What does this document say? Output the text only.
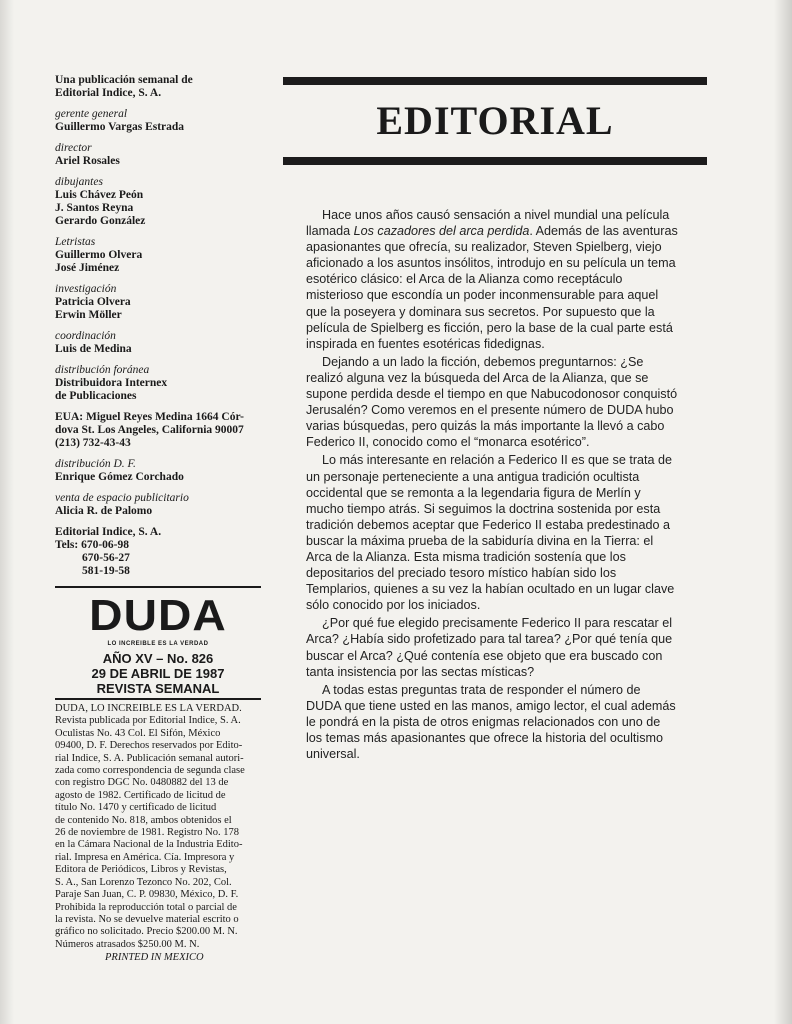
Una publicación semanal de
Editorial Indice, S. A.
gerente general
Guillermo Vargas Estrada
director
Ariel Rosales
dibujantes
Luis Chávez Peón
J. Santos Reyna
Gerardo González
Letristas
Guillermo Olvera
José Jiménez
investigación
Patricia Olvera
Erwin Möller
coordinación
Luis de Medina
distribución foránea
Distribuidora Internex
de Publicaciones
EUA: Miguel Reyes Medina 1664 Cór-
dova St. Los Angeles, California 90007
(213) 732-43-43
distribución D. F.
Enrique Gómez Corchado
venta de espacio publicitario
Alicia R. de Palomo
Editorial Indice, S. A.
Tels: 670-06-98
670-56-27
581-19-58
DUDA
LO INCREIBLE ES LA VERDAD
AÑO XV – No. 826
29 DE ABRIL DE 1987
REVISTA SEMANAL
DUDA, LO INCREIBLE ES LA VERDAD.
Revista publicada por Editorial Indice, S. A.
Oculistas No. 43 Col. El Sifón, México
09400, D. F. Derechos reservados por Edito-
rial Indice, S. A. Publicación semanal autori-
zada como correspondencia de segunda clase
con registro DGC No. 0480882 del 13 de
agosto de 1982. Certificado de licitud de
título No. 1470 y certificado de licitud
de contenido No. 818, ambos obtenidos el
26 de noviembre de 1981. Registro No. 178
en la Cámara Nacional de la Industria Edito-
rial. Impresa en América. Cía. Impresora y
Editora de Periódicos, Libros y Revistas,
S. A., San Lorenzo Tezonco No. 202, Col.
Paraje San Juan, C. P. 09830, México, D. F.
Prohibida la reproducción total o parcial de
la revista. No se devuelve material escrito o
gráfico no solicitado. Precio $200.00 M. N.
Números atrasados $250.00 M. N.
PRINTED IN MEXICO
EDITORIAL

Hace unos años causó sensación a nivel mundial una película llamada Los cazadores del arca perdida. Además de las aventuras apasionantes que ofrecía, su realizador, Steven Spielberg, viejo aficionado a los asuntos insólitos, introdujo en su película un tema esotérico clásico: el Arca de la Alianza como receptáculo misterioso que escondía un poder inconmensurable para aquel que la poseyera y dominara sus secretos. Por supuesto que la película de Spielberg es ficción, pero la base de la cual parte está inspirada en fuentes esotéricas fidedignas.

Dejando a un lado la ficción, debemos preguntarnos: ¿Se realizó alguna vez la búsqueda del Arca de la Alianza, que se supone perdida desde el tiempo en que Nabucodonosor conquistó Jerusalén? Como veremos en el presente número de DUDA hubo varias búsquedas, pero quizás la más importante la llevó a cabo Federico II, conocido como el “monarca esotérico”.

Lo más interesante en relación a Federico II es que se trata de un personaje perteneciente a una antigua tradición ocultista occidental que se remonta a la legendaria figura de Merlín y mucho tiempo atrás. Si seguimos la doctrina sostenida por esta tradición debemos aceptar que Federico II estaba predestinado a buscar la máxima prueba de la sabiduría divina en la Tierra: el Arca de la Alianza. Esta misma tradición sostenía que los depositarios del preciado tesoro místico habían sido los Templarios, quienes a su vez la habían ocultado en un lugar clave sólo conocido por los iniciados.

¿Por qué fue elegido precisamente Federico II para rescatar el Arca? ¿Había sido profetizado para tal tarea? ¿Por qué tenía que buscar el Arca? ¿Qué contenía ese objeto que era buscado con tanta insistencia por las sectas místicas?

A todas estas preguntas trata de responder el número de DUDA que tiene usted en las manos, amigo lector, el cual además le pondrá en la pista de otros enigmas relacionados con uno de los temas más apasionantes que ofrece la historia del ocultismo universal.
